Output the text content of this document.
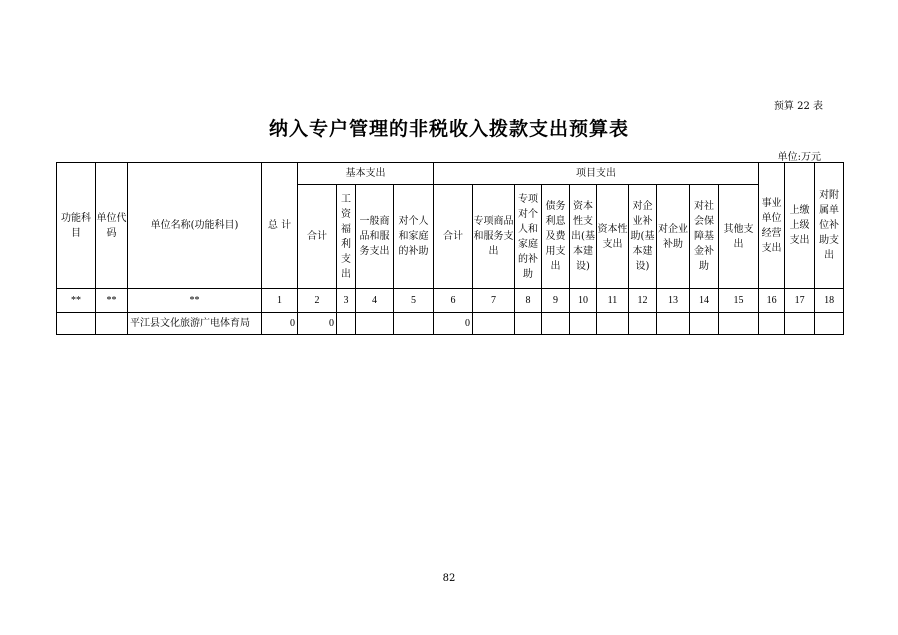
预算 22 表
纳入专户管理的非税收入拨款支出预算表
单位:万元
功能科目	单位代码	单位名称(功能科目)	总 计	基本支出				项目支出										事业单位经营支出	上缴上级支出	对附属单位补助支出
				合计	工资福利支出	一般商品和服务支出	对个人和家庭的补助	合计	专项商品和服务支出	专项对个人和家庭的补助	债务利息及费用支出	资本性支出(基本建设)	资本性支出	对企业补助(基本建设)	对企业补助	对社会保障基金补助	其他支出			
**	**	**	1	2	3	4	5	6	7	8	9	10	11	12	13	14	15	16	17	18
		平江县文化旅游广电体育局	0	0				0												
82
